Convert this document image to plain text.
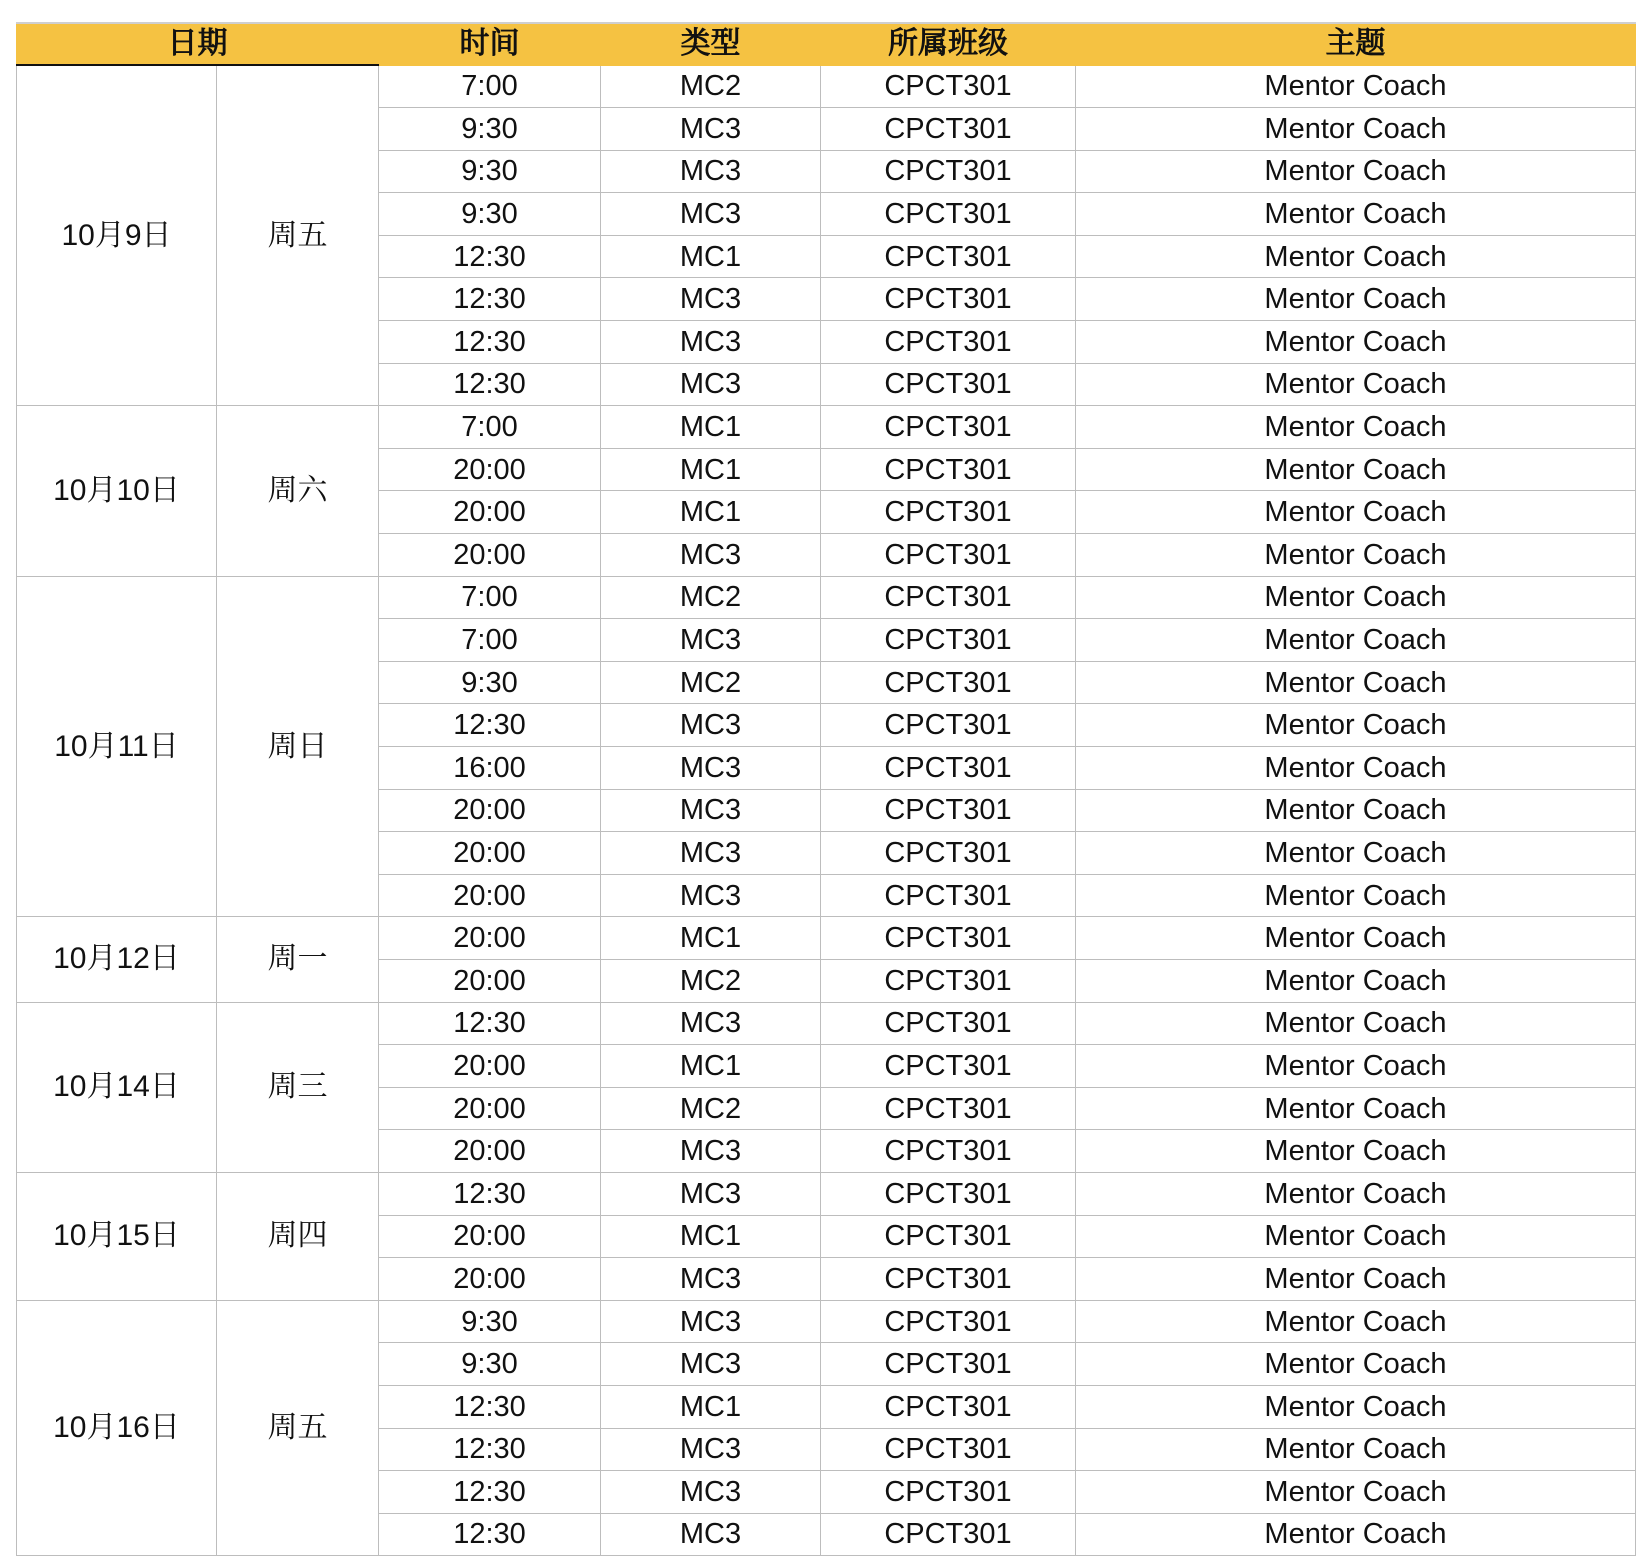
日期		时间	类型	所属班级	主题
10月9日	周五	7:00	MC2	CPCT301	Mentor Coach
		9:30	MC3	CPCT301	Mentor Coach
		9:30	MC3	CPCT301	Mentor Coach
		9:30	MC3	CPCT301	Mentor Coach
		12:30	MC1	CPCT301	Mentor Coach
		12:30	MC3	CPCT301	Mentor Coach
		12:30	MC3	CPCT301	Mentor Coach
		12:30	MC3	CPCT301	Mentor Coach
10月10日	周六	7:00	MC1	CPCT301	Mentor Coach
		20:00	MC1	CPCT301	Mentor Coach
		20:00	MC1	CPCT301	Mentor Coach
		20:00	MC3	CPCT301	Mentor Coach
10月11日	周日	7:00	MC2	CPCT301	Mentor Coach
		7:00	MC3	CPCT301	Mentor Coach
		9:30	MC2	CPCT301	Mentor Coach
		12:30	MC3	CPCT301	Mentor Coach
		16:00	MC3	CPCT301	Mentor Coach
		20:00	MC3	CPCT301	Mentor Coach
		20:00	MC3	CPCT301	Mentor Coach
		20:00	MC3	CPCT301	Mentor Coach
10月12日	周一	20:00	MC1	CPCT301	Mentor Coach
		20:00	MC2	CPCT301	Mentor Coach
10月14日	周三	12:30	MC3	CPCT301	Mentor Coach
		20:00	MC1	CPCT301	Mentor Coach
		20:00	MC2	CPCT301	Mentor Coach
		20:00	MC3	CPCT301	Mentor Coach
10月15日	周四	12:30	MC3	CPCT301	Mentor Coach
		20:00	MC1	CPCT301	Mentor Coach
		20:00	MC3	CPCT301	Mentor Coach
10月16日	周五	9:30	MC3	CPCT301	Mentor Coach
		9:30	MC3	CPCT301	Mentor Coach
		12:30	MC1	CPCT301	Mentor Coach
		12:30	MC3	CPCT301	Mentor Coach
		12:30	MC3	CPCT301	Mentor Coach
		12:30	MC3	CPCT301	Mentor Coach
